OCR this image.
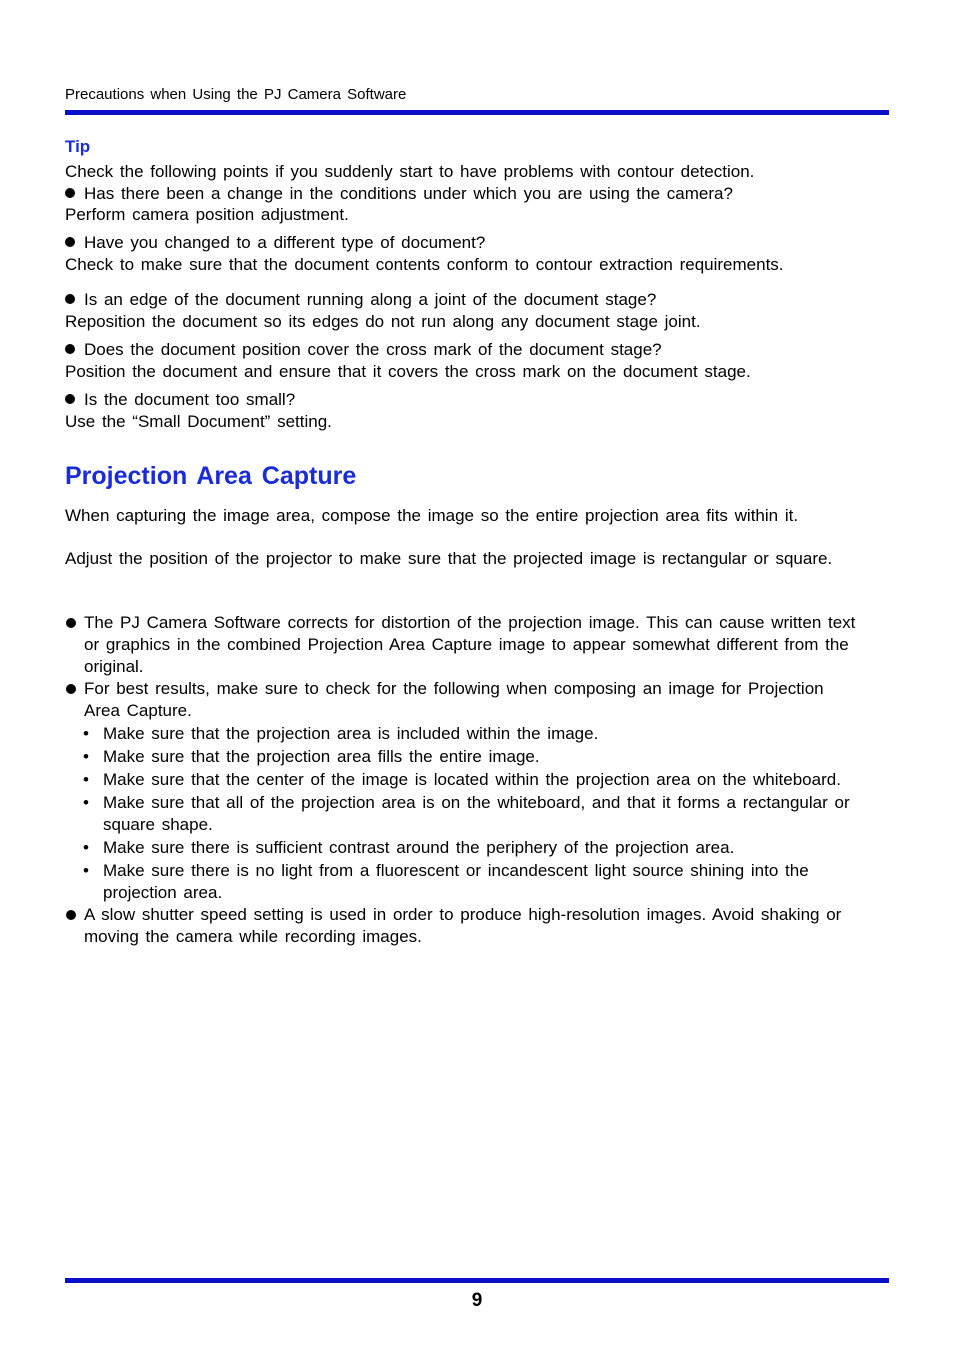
Precautions when Using the PJ Camera Software
Tip
Check the following points if you suddenly start to have problems with contour detection.
Has there been a change in the conditions under which you are using the camera?
Perform camera position adjustment.
Have you changed to a different type of document?
Check to make sure that the document contents conform to contour extraction requirements.
Is an edge of the document running along a joint of the document stage?
Reposition the document so its edges do not run along any document stage joint.
Does the document position cover the cross mark of the document stage?
Position the document and ensure that it covers the cross mark on the document stage.
Is the document too small?
Use the “Small Document” setting.
Projection Area Capture
When capturing the image area, compose the image so the entire projection area fits within it.
Adjust the position of the projector to make sure that the projected image is rectangular or square.
The PJ Camera Software corrects for distortion of the projection image. This can cause written text or graphics in the combined Projection Area Capture image to appear somewhat different from the original.
For best results, make sure to check for the following when composing an image for Projection Area Capture.
• Make sure that the projection area is included within the image.
• Make sure that the projection area fills the entire image.
• Make sure that the center of the image is located within the projection area on the whiteboard.
• Make sure that all of the projection area is on the whiteboard, and that it forms a rectangular or square shape.
• Make sure there is sufficient contrast around the periphery of the projection area.
• Make sure there is no light from a fluorescent or incandescent light source shining into the projection area.
A slow shutter speed setting is used in order to produce high-resolution images. Avoid shaking or moving the camera while recording images.
9
